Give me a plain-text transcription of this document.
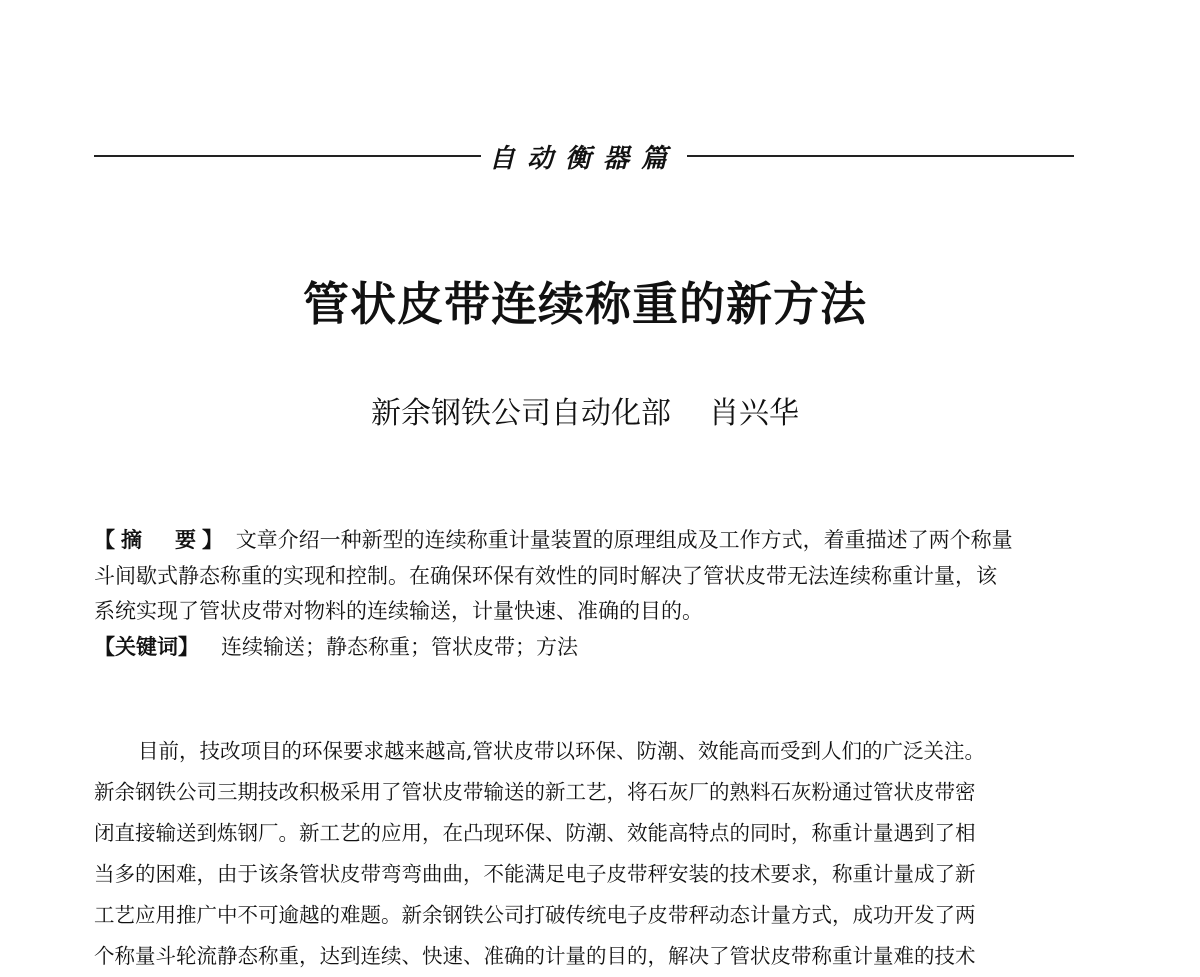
自动衡器篇
管状皮带连续称重的新方法
新余钢铁公司自动化部 肖兴华

【摘　要】 文章介绍一种新型的连续称重计量装置的原理组成及工作方式，着重描述了两个称量

斗间歇式静态称重的实现和控制。在确保环保有效性的同时解决了管状皮带无法连续称重计量，该

系统实现了管状皮带对物料的连续输送，计量快速、准确的目的。

【关键词】 连续输送；静态称重；管状皮带；方法

目前，技改项目的环保要求越来越高,管状皮带以环保、防潮、效能高而受到人们的广泛关注。

新余钢铁公司三期技改积极采用了管状皮带输送的新工艺，将石灰厂的熟料石灰粉通过管状皮带密

闭直接输送到炼钢厂。新工艺的应用，在凸现环保、防潮、效能高特点的同时，称重计量遇到了相

当多的困难，由于该条管状皮带弯弯曲曲，不能满足电子皮带秤安装的技术要求，称重计量成了新

工艺应用推广中不可逾越的难题。新余钢铁公司打破传统电子皮带秤动态计量方式，成功开发了两

个称量斗轮流静态称重，达到连续、快速、准确的计量的目的，解决了管状皮带称重计量难的技术
